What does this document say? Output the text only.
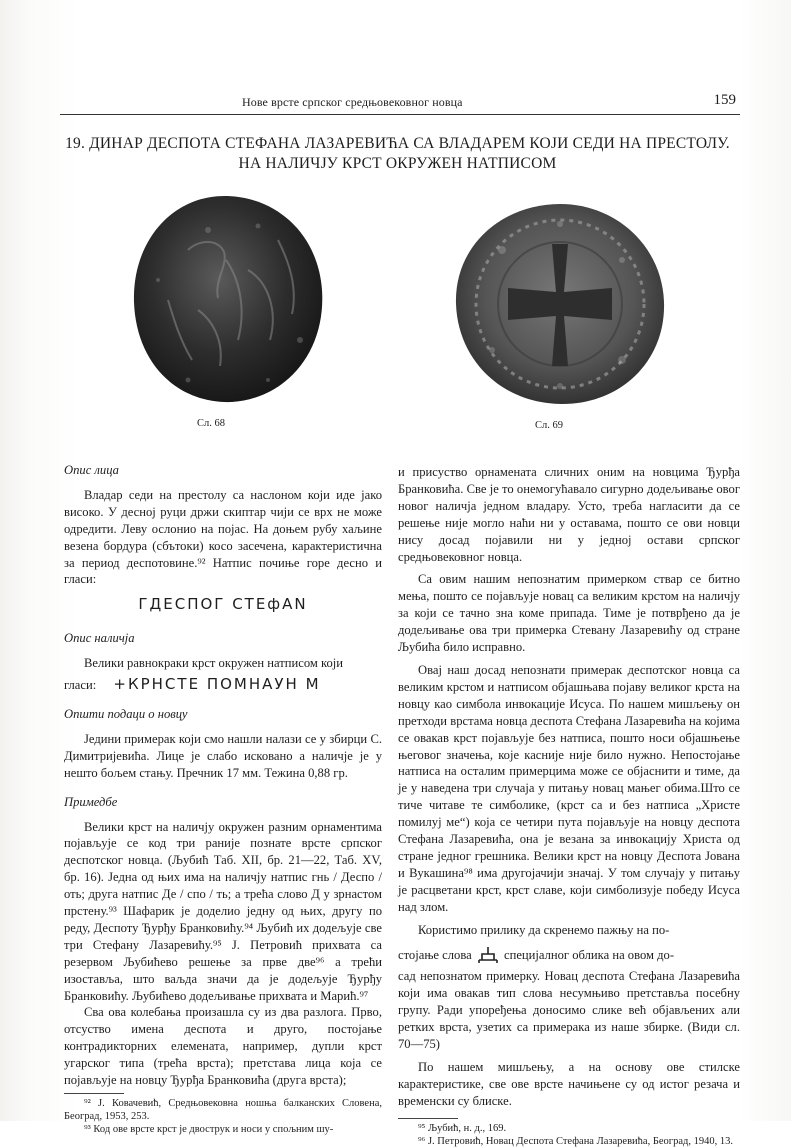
Нове врсте српског средњовековног новца	159
19. ДИНАР ДЕСПОТА СТЕФАНА ЛАЗАРЕВИЋА СА ВЛАДАРЕМ КОЈИ СЕДИ НА ПРЕСТОЛУ.
НА НАЛИЧЈУ КРСТ ОКРУЖЕН НАТПИСОМ
Сл. 68	Сл. 69

Опис лица

Владар седи на престолу са наслоном који иде јако високо. У десној руци држи скиптар чији се врх не може одредити. Леву ослонио на појас. На доњем рубу хаљине везена бордура (сбътоки) косо засечена, карактеристична за период деспотовине.⁹² Натпис почиње горе десно и гласи:

ГДЕСПОГ СТЕфАN

Опис наличја

Велики равнокраки крст окружен натписом који

гласи: +КРНСТЕ ПОМНАУН М

Општи подаци о новцу

Једини примерак који смо нашли налази се у збирци С. Димитријевића. Лице је слабо исковано а наличје је у нешто бољем стању. Пречник 17 мм. Тежина 0,88 гр.

Примедбе

Велики крст на наличју окружен разним орнаментима појављује се код три раније познате врсте српског деспотског новца. (Љубић Таб. XII, бр. 21—22, Таб. XV, бр. 16). Једна од њих има на наличју натпис гнь / Деспо / оть; друга натпис Де / спо / ть; а трећа слово Д у зрнастом прстену.⁹³ Шафарик је доделио једну од њих, другу по реду, Деспоту Ђурђу Бранковићу.⁹⁴ Љубић их додељује све три Стефану Лазаревићу.⁹⁵ Ј. Петровић прихвата са резервом Љубићево решење за прве две⁹⁶ а трећи изоставља, што ваљда значи да је додељује Ђурђу Бранковићу. Љубићево додељивање прихвата и Марић.⁹⁷

Сва ова колебања произашла су из два разлога. Прво, отсуство имена деспота и друго, постојање контрадикторних елемената, например, дупли крст угарског типа (трећа врста); претстава лица која се појављује на новцу Ђурђа Бранковића (друга врста);

⁹² Ј. Ковачевић, Средњовековна ношња балканских Словена, Београд, 1953, 253.

⁹³ Код ове врсте крст је двострук и носи у спољним шу-

и присуство орнамената сличних оним на новцима Ђурђа Бранковића. Све је то онемогућавало сигурно додељивање овог новог наличја једном владару. Усто, треба нагласити да се решење није могло наћи ни у оставама, пошто се ови новци нису досад појавили ни у једној остави српског средњовековног новца.

Са овим нашим непознатим примерком ствар се битно мења, пошто се појављује новац са великим крстом на наличју за који се тачно зна коме припада. Тиме је потврђено да је додељивање ова три примерка Стевану Лазаревићу од стране Љубића било исправно.

Овај наш досад непознати примерак деспотског новца са великим крстом и натписом објашњава појаву великог крста на новцу као симбола инвокације Исуса. По нашем мишљењу он претходи врстама новца деспота Стефана Лазаревића на којима се овакав крст појављује без натписа, пошто носи објашњење његовог значења, које касније није било нужно. Непостојање натписа на осталим примерцима може се објаснити и тиме, да је у наведена три случаја у питању новац мањег обима.Што се тиче читаве те симболике, (крст са и без натписа „Христе помилуј ме“) која се четири пута појављује на новцу деспота Стефана Лазаревића, она је везана за инвокацију Христа од стране једног грешника. Велики крст на новцу Деспота Јована и Вукашина⁹⁸ има другојачији значај. У том случају у питању је расцветани крст, крст славе, који симболизује победу Исуса над злом.

Користимо прилику да скренемо пажњу на по-

стојање слова	специјалног облика на овом до-

сад непознатом примерку. Новац деспота Стефана Лазаревића који има овакав тип слова несумњиво претставља посебну групу. Ради упоређења доносимо слике већ објављених али ретких врста, узетих са примерака из наше збирке. (Види сл. 70—75)

По нашем мишљењу, а на основу ове стилске карактеристике, све ове врсте начињене су од истог резача и временски су блиске.

⁹⁵ Љубић, н. д., 169.

⁹⁶ Ј. Петровић, Новац Деспота Стефана Лазаревића, Београд, 1940, 13.
